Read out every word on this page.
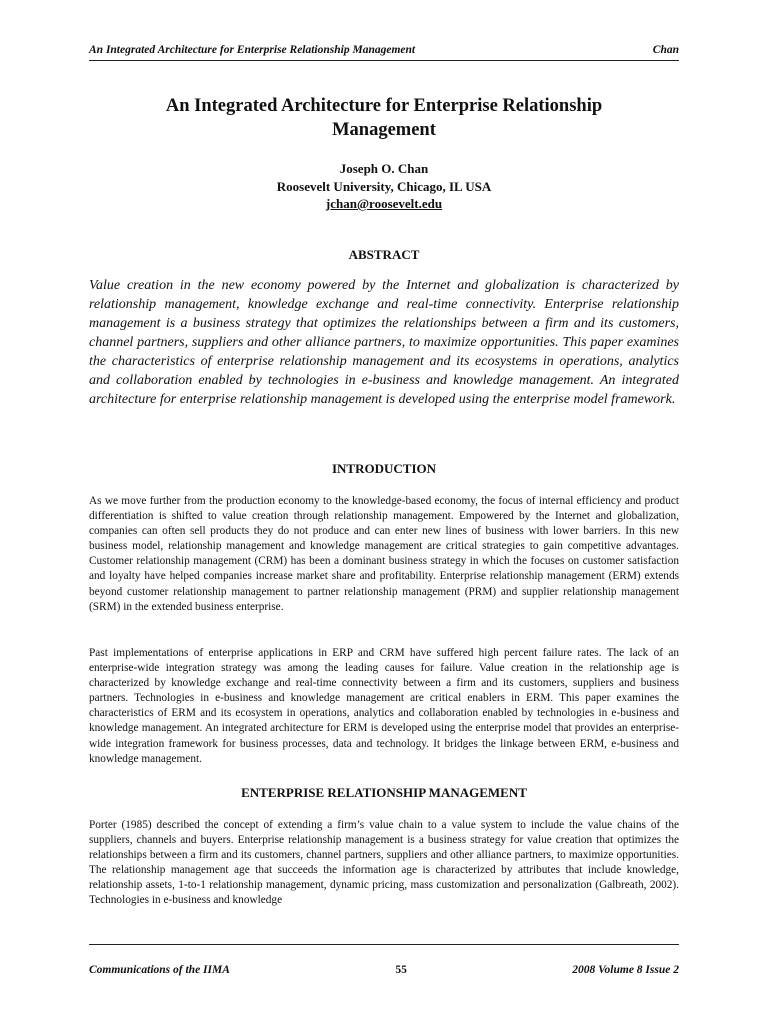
An Integrated Architecture for Enterprise Relationship Management	Chan
An Integrated Architecture for Enterprise Relationship
Management
Joseph O. Chan
Roosevelt University, Chicago, IL USA
jchan@roosevelt.edu
ABSTRACT

Value creation in the new economy powered by the Internet and globalization is characterized by relationship management, knowledge exchange and real-time connectivity. Enterprise relationship management is a business strategy that optimizes the relationships between a firm and its customers, channel partners, suppliers and other alliance partners, to maximize opportunities. This paper examines the characteristics of enterprise relationship management and its ecosystems in operations, analytics and collaboration enabled by technologies in e-business and knowledge management. An integrated architecture for enterprise relationship management is developed using the enterprise model framework.

INTRODUCTION

As we move further from the production economy to the knowledge-based economy, the focus of internal efficiency and product differentiation is shifted to value creation through relationship management. Empowered by the Internet and globalization, companies can often sell products they do not produce and can enter new lines of business with lower barriers. In this new business model, relationship management and knowledge management are critical strategies to gain competitive advantages. Customer relationship management (CRM) has been a dominant business strategy in which the focuses on customer satisfaction and loyalty have helped companies increase market share and profitability. Enterprise relationship management (ERM) extends beyond customer relationship management to partner relationship management (PRM) and supplier relationship management (SRM) in the extended business enterprise.

Past implementations of enterprise applications in ERP and CRM have suffered high percent failure rates. The lack of an enterprise-wide integration strategy was among the leading causes for failure. Value creation in the relationship age is characterized by knowledge exchange and real-time connectivity between a firm and its customers, suppliers and business partners. Technologies in e-business and knowledge management are critical enablers in ERM. This paper examines the characteristics of ERM and its ecosystem in operations, analytics and collaboration enabled by technologies in e-business and knowledge management. An integrated architecture for ERM is developed using the enterprise model that provides an enterprise-wide integration framework for business processes, data and technology. It bridges the linkage between ERM, e-business and knowledge management.

ENTERPRISE RELATIONSHIP MANAGEMENT

Porter (1985) described the concept of extending a firm’s value chain to a value system to include the value chains of the suppliers, channels and buyers. Enterprise relationship management is a business strategy for value creation that optimizes the relationships between a firm and its customers, channel partners, suppliers and other alliance partners, to maximize opportunities. The relationship management age that succeeds the information age is characterized by attributes that include knowledge, relationship assets, 1-to-1 relationship management, dynamic pricing, mass customization and personalization (Galbreath, 2002). Technologies in e-business and knowledge

Communications of the IIMA	55	2008 Volume 8 Issue 2
